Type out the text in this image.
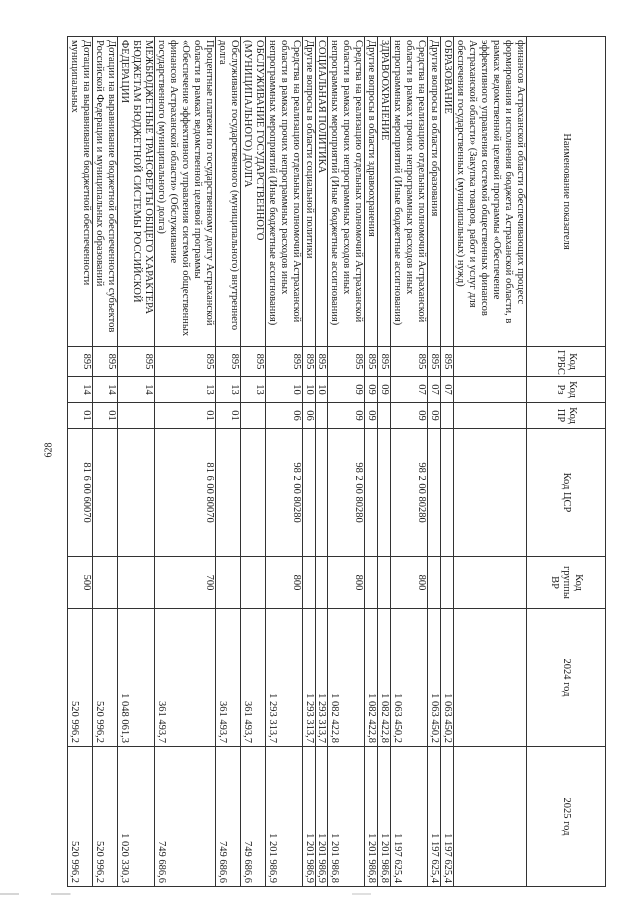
628
Наименование показателя	Код ГРБС	Код Рз	Код ПР	Код ЦСР	Код группы ВР	2024 год	2025 год
финансов Астраханской области обеспечивающих процесс формирования и исполнения бюджета Астраханской области, в рамках ведомственной целевой программы «Обеспечение эффективного управления системой общественных финансов Астраханской области» (Закупка товаров, работ и услуг для обеспечения государственных (муниципальных) нужд)							
ОБРАЗОВАНИЕ	895	07				1 063 450,2	1 197 625,4
Другие вопросы в области образования	895	07	09			1 063 450,2	1 197 625,4
Средства на реализацию отдельных полномочий Астраханской области в рамках прочих непрограммных расходов иных непрограммных мероприятий (Иные бюджетные ассигнования)	895	07	09	98 2 00 80280	800	1 063 450,2	1 197 625,4
ЗДРАВООХРАНЕНИЕ	895	09				1 082 422,8	1 201 986,8
Другие вопросы в области здравоохранения	895	09	09			1 082 422,8	1 201 986,8
Средства на реализацию отдельных полномочий Астраханской области в рамках прочих непрограммных расходов иных непрограммных мероприятий (Иные бюджетные ассигнования)	895	09	09	98 2 00 80280	800	1 082 422,8	1 201 986,8
СОЦИАЛЬНАЯ ПОЛИТИКА	895	10				1 293 313,7	1 201 986,9
Другие вопросы в области социальной политики	895	10	06			1 293 313,7	1 201 986,9
Средства на реализацию отдельных полномочий Астраханской области в рамках прочих непрограммных расходов иных непрограммных мероприятий (Иные бюджетные ассигнования)	895	10	06	98 2 00 80280	800	1 293 313,7	1 201 986,9
ОБСЛУЖИВАНИЕ ГОСУДАРСТВЕННОГО (МУНИЦИПАЛЬНОГО) ДОЛГА	895	13				361 493,7	749 686,6
Обслуживание государственного (муниципального) внутреннего долга	895	13	01			361 493,7	749 686,6
Процентные платежи по государственному долгу Астраханской области в рамках ведомственной целевой программы «Обеспечение эффективного управления системой общественных финансов Астраханской области» (Обслуживание государственного (муниципального) долга)	895	13	01	81 6 00 80070	700	361 493,7	749 686,6
МЕЖБЮДЖЕТНЫЕ ТРАНСФЕРТЫ ОБЩЕГО ХАРАКТЕРА БЮДЖЕТАМ БЮДЖЕТНОЙ СИСТЕМЫ РОССИЙСКОЙ ФЕДЕРАЦИИ	895	14				1 048 061,3	1 020 330,3
Дотации на выравнивание бюджетной обеспеченности субъектов Российской Федерации и муниципальных образований	895	14	01			520 996,2	520 996,2
Дотации на выравнивание бюджетной обеспеченности муниципальных	895	14	01	81 6 00 60070	500	520 996,2	520 996,2
